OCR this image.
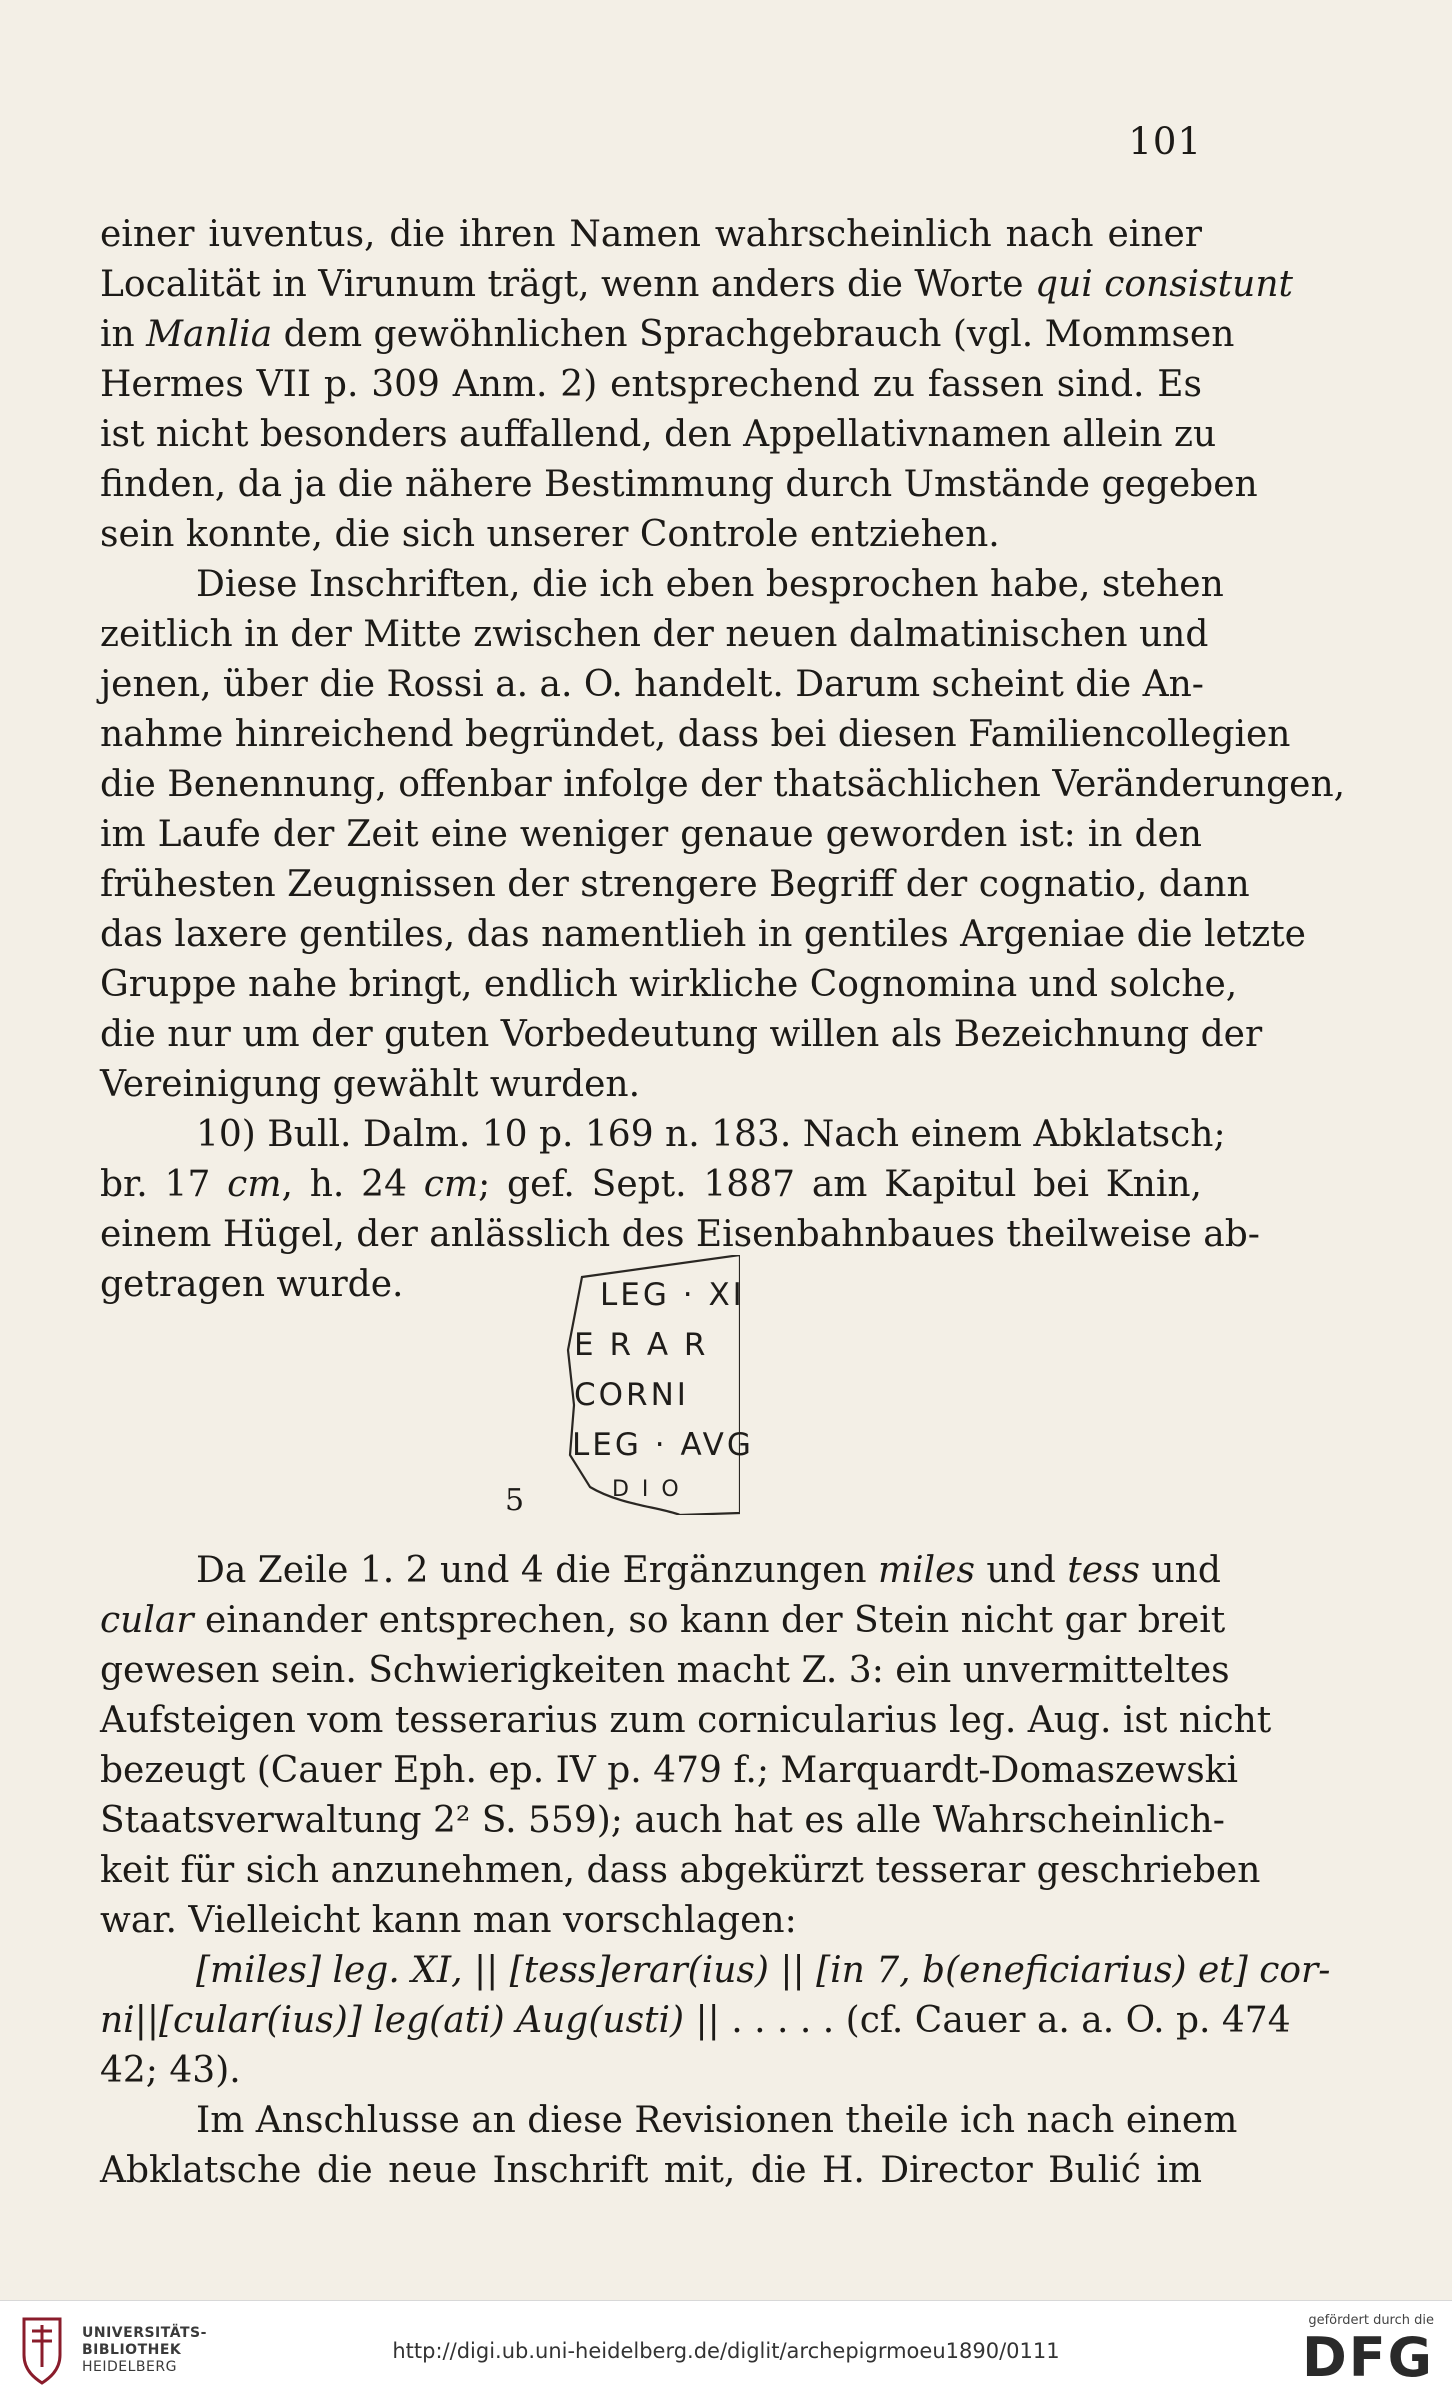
101

einer iuventus, die ihren Namen wahrscheinlich nach einer
Localität in Virunum trägt, wenn anders die Worte qui consistunt
in Manlia dem gewöhnlichen Sprachgebrauch (vgl. Mommsen
Hermes VII p. 309 Anm. 2) entsprechend zu fassen sind. Es
ist nicht besonders auffallend, den Appellativnamen allein zu
finden, da ja die nähere Bestimmung durch Umstände gegeben
sein konnte, die sich unserer Controle entziehen.

Diese Inschriften, die ich eben besprochen habe, stehen
zeitlich in der Mitte zwischen der neuen dalmatinischen und
jenen, über die Rossi a. a. O. handelt. Darum scheint die An-
nahme hinreichend begründet, dass bei diesen Familiencollegien
die Benennung, offenbar infolge der thatsächlichen Veränderungen,
im Laufe der Zeit eine weniger genaue geworden ist: in den
frühesten Zeugnissen der strengere Begriff der cognatio, dann
das laxere gentiles, das namentlieh in gentiles Argeniae die letzte
Gruppe nahe bringt, endlich wirkliche Cognomina und solche,
die nur um der guten Vorbedeutung willen als Bezeichnung der
Vereinigung gewählt wurden.

10) Bull. Dalm. 10 p. 169 n. 183. Nach einem Abklatsch;
br. 17 cm, h. 24 cm; gef. Sept. 1887 am Kapitul bei Knin,
einem Hügel, der anlässlich des Eisenbahnbaues theilweise ab-
getragen wurde.	LEG · XI
E R A R
CORNI
LEG · AVG
D I O
5

Da Zeile 1. 2 und 4 die Ergänzungen miles und tess und
cular einander entsprechen, so kann der Stein nicht gar breit
gewesen sein. Schwierigkeiten macht Z. 3: ein unvermitteltes
Aufsteigen vom tesserarius zum cornicularius leg. Aug. ist nicht
bezeugt (Cauer Eph. ep. IV p. 479 f.; Marquardt-Domaszewski
Staatsverwaltung 2² S. 559); auch hat es alle Wahrscheinlich-
keit für sich anzunehmen, dass abgekürzt tesserar geschrieben
war. Vielleicht kann man vorschlagen:

[miles] leg. XI, || [tess]erar(ius) || [in 7, b(eneficiarius) et] cor-
ni||[cular(ius)] leg(ati) Aug(usti) || . . . . . (cf. Cauer a. a. O. p. 474
42; 43).

Im Anschlusse an diese Revisionen theile ich nach einem
Abklatsche die neue Inschrift mit, die H. Director Bulić im

UNIVERSITÄTS-
BIBLIOTHEK
HEIDELBERG
http://digi.ub.uni-heidelberg.de/diglit/archepigrmoeu1890/0111
gefördert durch die
DFG
